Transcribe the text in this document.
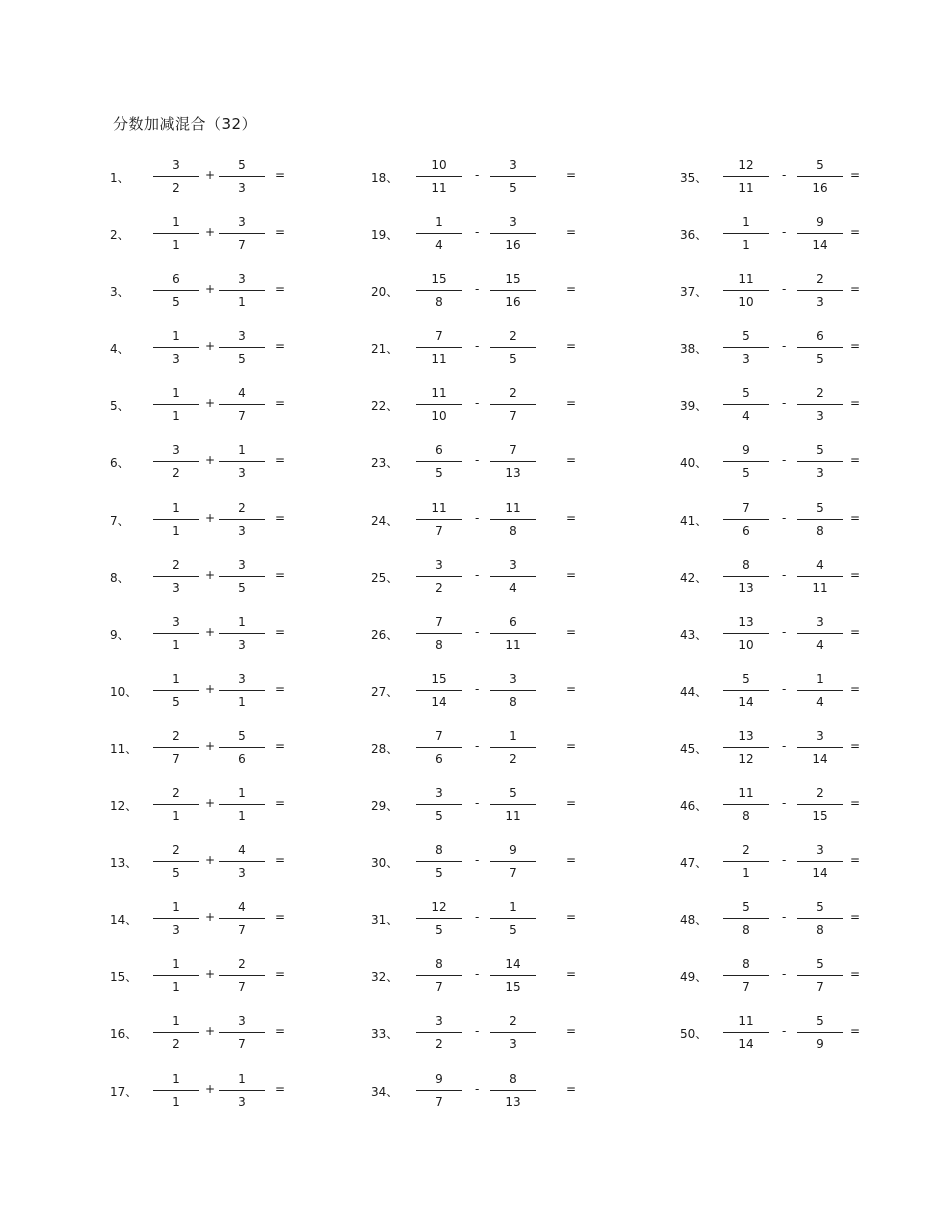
分数加减混合（32）
1、
3
2
+
5
3
=
2、
1
1
+
3
7
=
3、
6
5
+
3
1
=
4、
1
3
+
3
5
=
5、
1
1
+
4
7
=
6、
3
2
+
1
3
=
7、
1
1
+
2
3
=
8、
2
3
+
3
5
=
9、
3
1
+
1
3
=
10、
1
5
+
3
1
=
11、
2
7
+
5
6
=
12、
2
1
+
1
1
=
13、
2
5
+
4
3
=
14、
1
3
+
4
7
=
15、
1
1
+
2
7
=
16、
1
2
+
3
7
=
17、
1
1
+
1
3
=
18、
10
11
-
3
5
=
19、
1
4
-
3
16
=
20、
15
8
-
15
16
=
21、
7
11
-
2
5
=
22、
11
10
-
2
7
=
23、
6
5
-
7
13
=
24、
11
7
-
11
8
=
25、
3
2
-
3
4
=
26、
7
8
-
6
11
=
27、
15
14
-
3
8
=
28、
7
6
-
1
2
=
29、
3
5
-
5
11
=
30、
8
5
-
9
7
=
31、
12
5
-
1
5
=
32、
8
7
-
14
15
=
33、
3
2
-
2
3
=
34、
9
7
-
8
13
=
35、
12
11
-
5
16
=
36、
1
1
-
9
14
=
37、
11
10
-
2
3
=
38、
5
3
-
6
5
=
39、
5
4
-
2
3
=
40、
9
5
-
5
3
=
41、
7
6
-
5
8
=
42、
8
13
-
4
11
=
43、
13
10
-
3
4
=
44、
5
14
-
1
4
=
45、
13
12
-
3
14
=
46、
11
8
-
2
15
=
47、
2
1
-
3
14
=
48、
5
8
-
5
8
=
49、
8
7
-
5
7
=
50、
11
14
-
5
9
=
